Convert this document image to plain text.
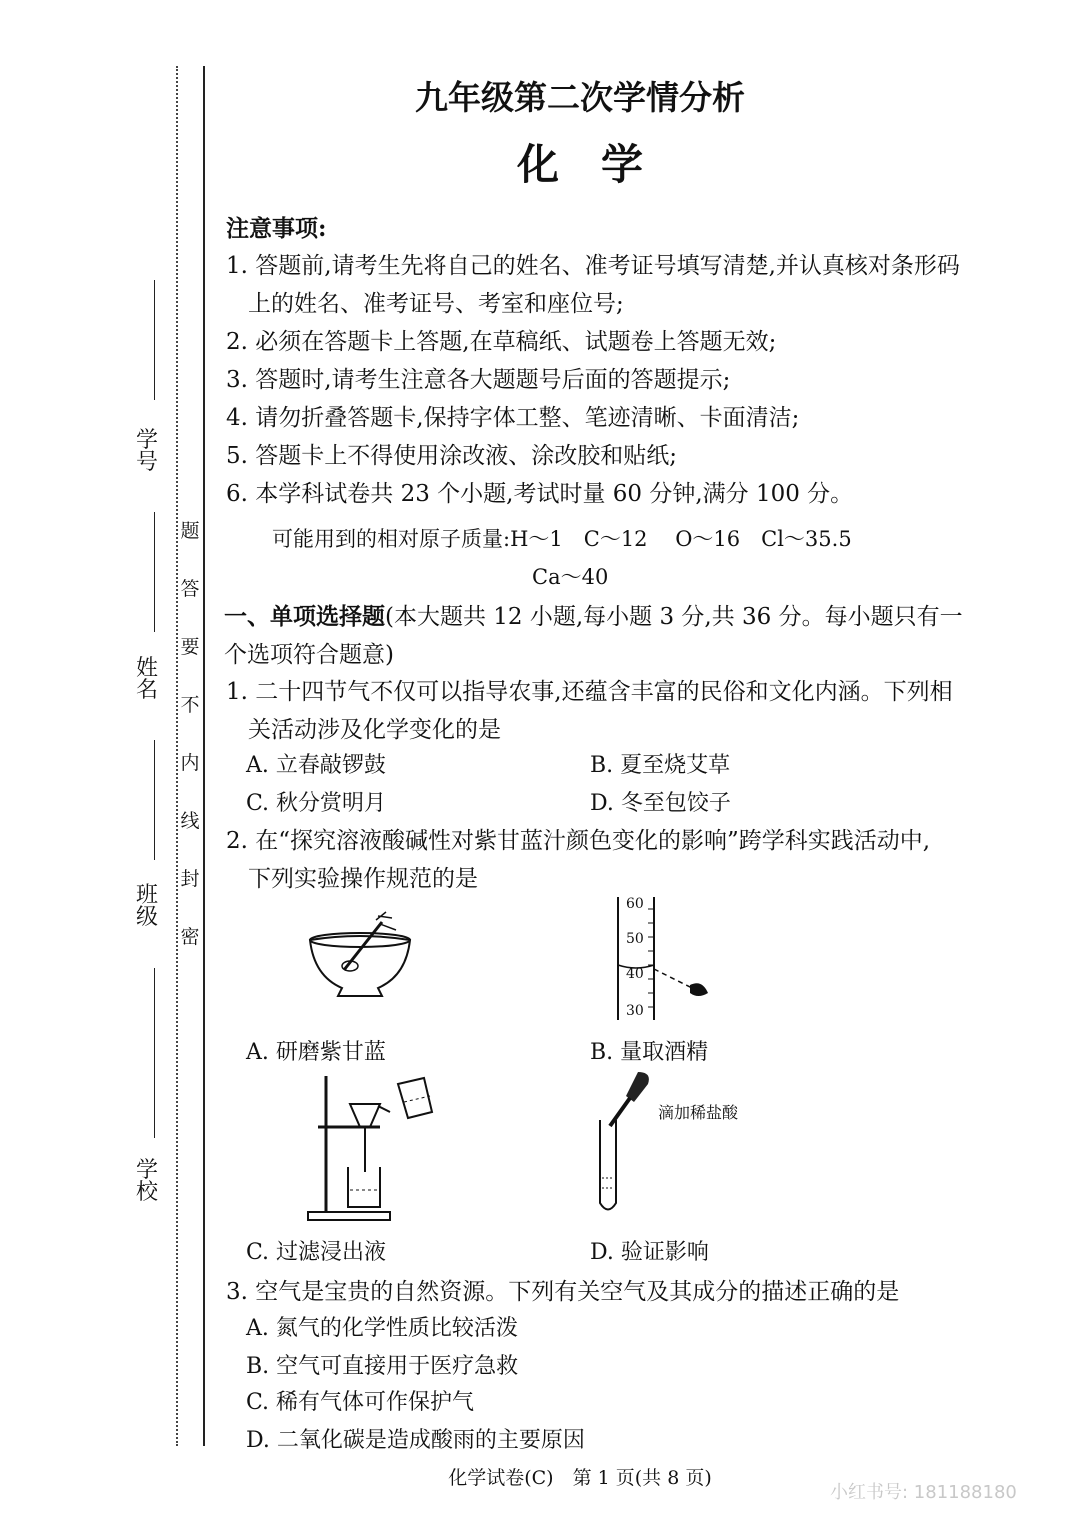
学号
姓名
班级
学校
题
答
要
不
内
线
封
密
九年级第二次学情分析
化　学
注意事项:
1. 答题前,请考生先将自己的姓名、准考证号填写清楚,并认真核对条形码
上的姓名、准考证号、考室和座位号;
2. 必须在答题卡上答题,在草稿纸、试题卷上答题无效;
3. 答题时,请考生注意各大题题号后面的答题提示;
4. 请勿折叠答题卡,保持字体工整、笔迹清晰、卡面清洁;
5. 答题卡上不得使用涂改液、涂改胶和贴纸;
6. 本学科试卷共 23 个小题,考试时量 60 分钟,满分 100 分。
可能用到的相对原子质量:H～1　C～12　 O～16　Cl～35.5
Ca～40
一、单项选择题(本大题共 12 小题,每小题 3 分,共 36 分。每小题只有一
个选项符合题意)
1. 二十四节气不仅可以指导农事,还蕴含丰富的民俗和文化内涵。下列相
关活动涉及化学变化的是
A. 立春敲锣鼓	B. 夏至烧艾草
C. 秋分赏明月	D. 冬至包饺子
2. 在“探究溶液酸碱性对紫甘蓝汁颜色变化的影响”跨学科实践活动中,
下列实验操作规范的是
A. 研磨紫甘蓝
60
50
40
30
B. 量取酒精
C. 过滤浸出液
滴加稀盐酸
D. 验证影响
3. 空气是宝贵的自然资源。下列有关空气及其成分的描述正确的是
A. 氮气的化学性质比较活泼
B. 空气可直接用于医疗急救
C. 稀有气体可作保护气
D. 二氧化碳是造成酸雨的主要原因
化学试卷(C)　第 1 页(共 8 页)
小红书号: 181188180
